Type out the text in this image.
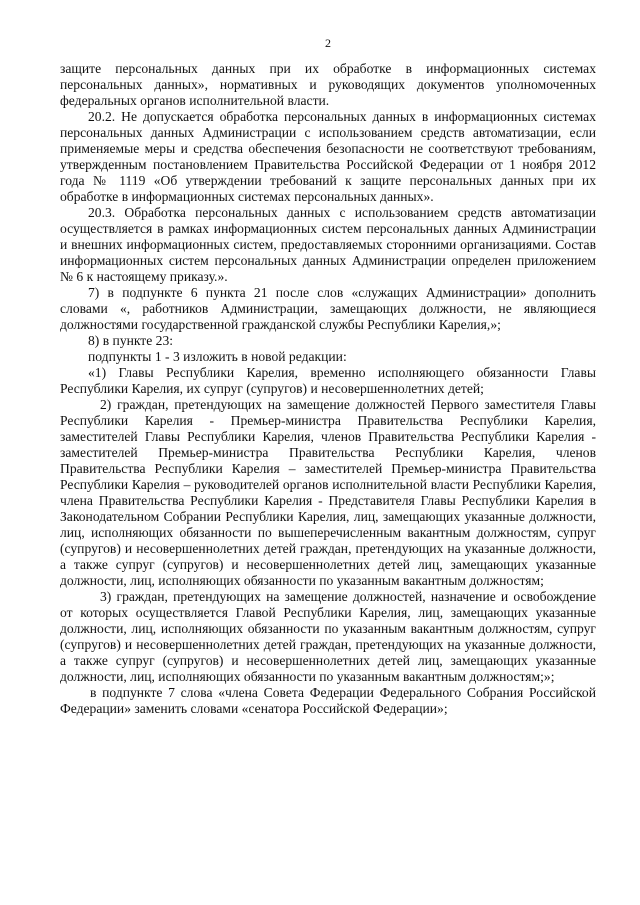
2

защите персональных данных при их обработке в информационных системах персональных данных», нормативных и руководящих документов уполномоченных федеральных органов исполнительной власти.

20.2. Не допускается обработка персональных данных в информационных системах персональных данных Администрации с использованием средств автоматизации, если применяемые меры и средства обеспечения безопасности не соответствуют требованиям, утвержденным постановлением Правительства Российской Федерации от 1 ноября 2012 года № 1119 «Об утверждении требований к защите персональных данных при их обработке в информационных системах персональных данных».

20.3. Обработка персональных данных с использованием средств автоматизации осуществляется в рамках информационных систем персональных данных Администрации и внешних информационных систем, предоставляемых сторонними организациями. Состав информационных систем персональных данных Администрации определен приложением № 6 к настоящему приказу.».

7) в подпункте 6 пункта 21 после слов «служащих Администрации» дополнить словами «, работников Администрации, замещающих должности, не являющиеся должностями государственной гражданской службы Республики Карелия,»;

8) в пункте 23:

подпункты 1 - 3 изложить в новой редакции:

«1) Главы Республики Карелия, временно исполняющего обязанности Главы Республики Карелия, их супруг (супругов) и несовершеннолетних детей;

2) граждан, претендующих на замещение должностей Первого заместителя Главы Республики Карелия - Премьер-министра Правительства Республики Карелия, заместителей Главы Республики Карелия, членов Правительства Республики Карелия - заместителей Премьер-министра Правительства Республики Карелия, членов Правительства Республики Карелия – заместителей Премьер-министра Правительства Республики Карелия – руководителей органов исполнительной власти Республики Карелия, члена Правительства Республики Карелия - Представителя Главы Республики Карелия в Законодательном Собрании Республики Карелия, лиц, замещающих указанные должности, лиц, исполняющих обязанности по вышеперечисленным вакантным должностям, супруг (супругов) и несовершеннолетних детей граждан, претендующих на указанные должности, а также супруг (супругов) и несовершеннолетних детей лиц, замещающих указанные должности, лиц, исполняющих обязанности по указанным вакантным должностям;

3) граждан, претендующих на замещение должностей, назначение и освобождение от которых осуществляется Главой Республики Карелия, лиц, замещающих указанные должности, лиц, исполняющих обязанности по указанным вакантным должностям, супруг (супругов) и несовершеннолетних детей граждан, претендующих на указанные должности, а также супруг (супругов) и несовершеннолетних детей лиц, замещающих указанные должности, лиц, исполняющих обязанности по указанным вакантным должностям;»;

в подпункте 7 слова «члена Совета Федерации Федерального Собрания Российской Федерации» заменить словами «сенатора Российской Федерации»;
